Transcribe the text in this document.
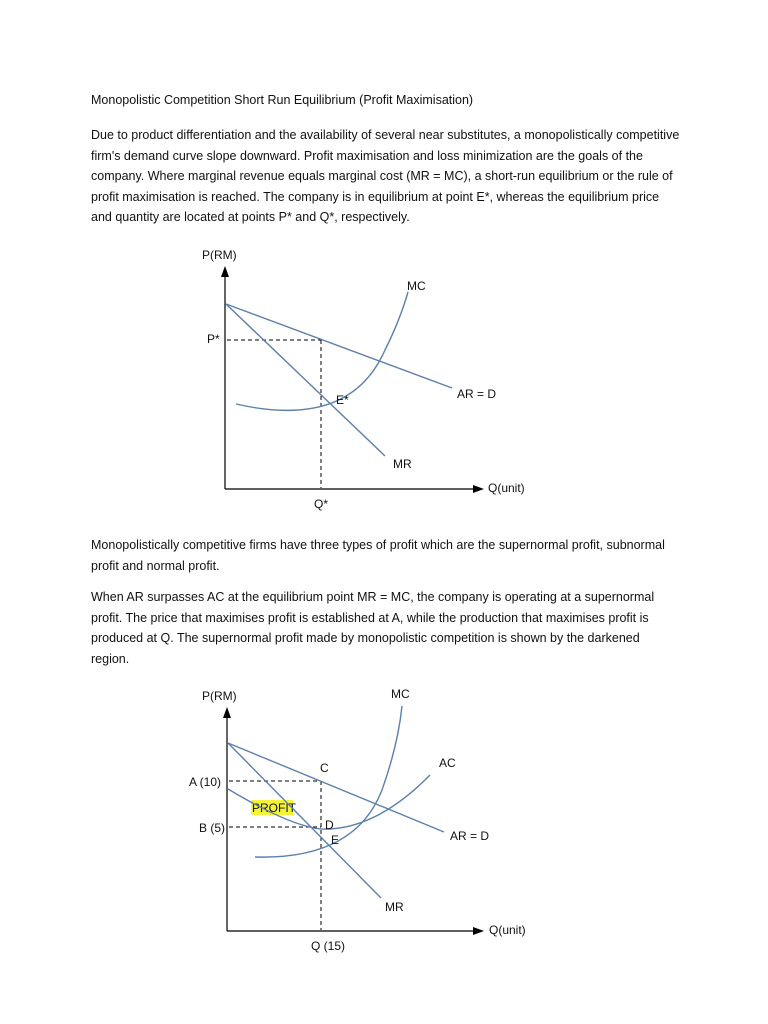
Monopolistic Competition Short Run Equilibrium (Profit Maximisation)
Due to product differentiation and the availability of several near substitutes, a monopolistically competitive firm's demand curve slope downward. Profit maximisation and loss minimization are the goals of the company. Where marginal revenue equals marginal cost (MR = MC), a short-run equilibrium or the rule of profit maximisation is reached. The company is in equilibrium at point E*, whereas the equilibrium price and quantity are located at points P* and Q*, respectively.
Monopolistically competitive firms have three types of profit which are the supernormal profit, subnormal profit and normal profit.
When AR surpasses AC at the equilibrium point MR = MC, the company is operating at a supernormal profit. The price that maximises profit is established at A, while the production that maximises profit is produced at Q. The supernormal profit made by monopolistic competition is shown by the darkened region.
P(RM)
Q(unit)
P*
Q*
E*
MC
AR = D
MR
PROFIT
P(RM)
Q(unit)
A (10)
B (5)
Q (15)
C
D
E
MC
AC
AR = D
MR
